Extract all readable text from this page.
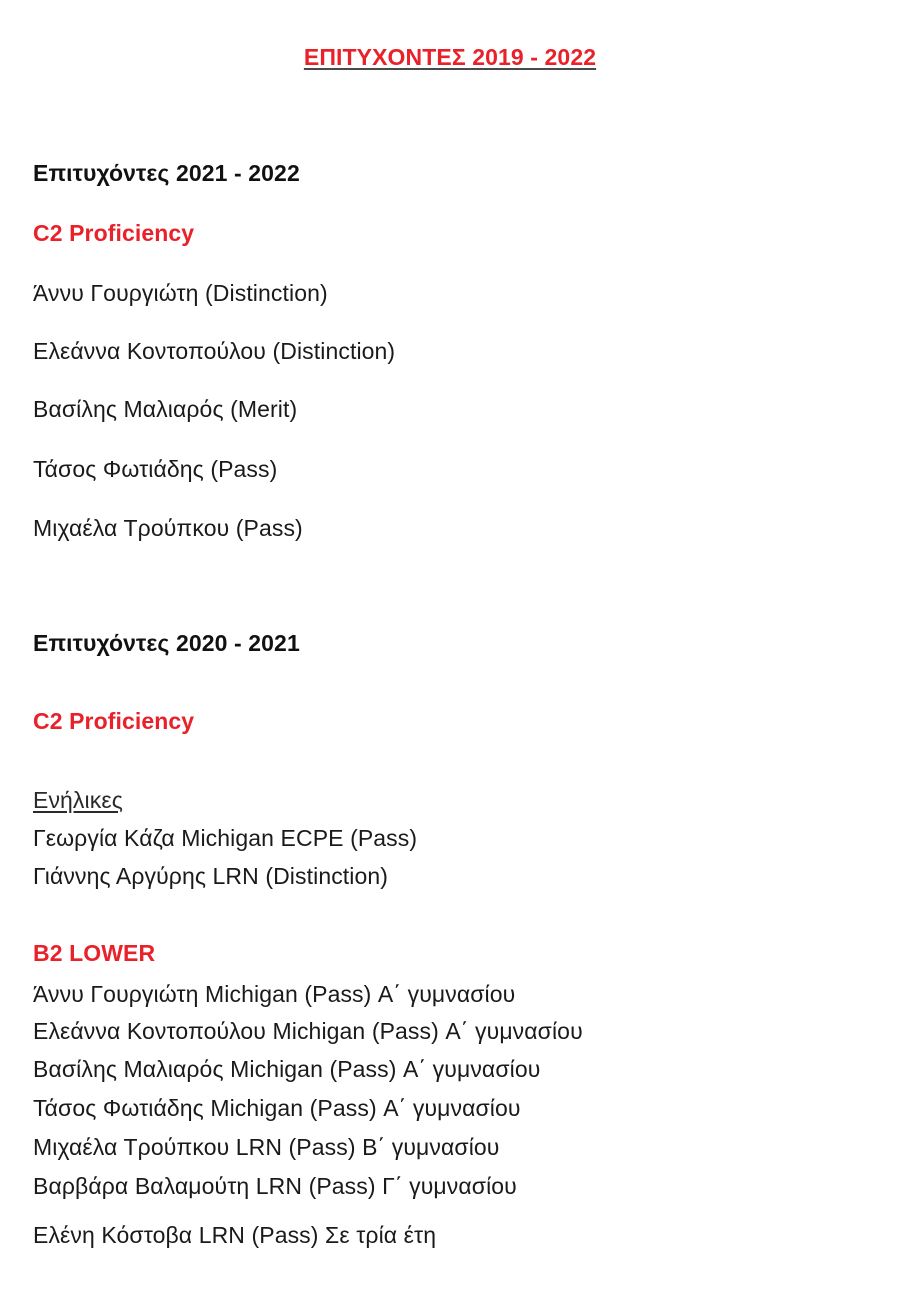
ΕΠΙΤΥΧΟΝΤΕΣ 2019 - 2022
Επιτυχόντες 2021 - 2022
C2 Proficiency
Άννυ Γουργιώτη (Distinction)
Ελεάννα Κοντοπούλου (Distinction)
Βασίλης Μαλιαρός (Merit)
Τάσος Φωτιάδης (Pass)
Μιχαέλα Τρούπκου (Pass)
Επιτυχόντες 2020 - 2021
C2 Proficiency
Ενήλικες
Γεωργία Κάζα Michigan ECPE (Pass)
Γιάννης Αργύρης LRN (Distinction)
B2 LOWER
Άννυ Γουργιώτη Michigan (Pass) Α΄ γυμνασίου
Ελεάννα Κοντοπούλου Michigan (Pass) Α΄ γυμνασίου
Βασίλης Μαλιαρός Michigan (Pass) Α΄ γυμνασίου
Τάσος Φωτιάδης Michigan (Pass) Α΄ γυμνασίου
Μιχαέλα Τρούπκου LRN (Pass) Β΄ γυμνασίου
Βαρβάρα Βαλαμούτη LRN (Pass) Γ΄ γυμνασίου
Ελένη Κόστοβα LRN (Pass) Σε τρία έτη
